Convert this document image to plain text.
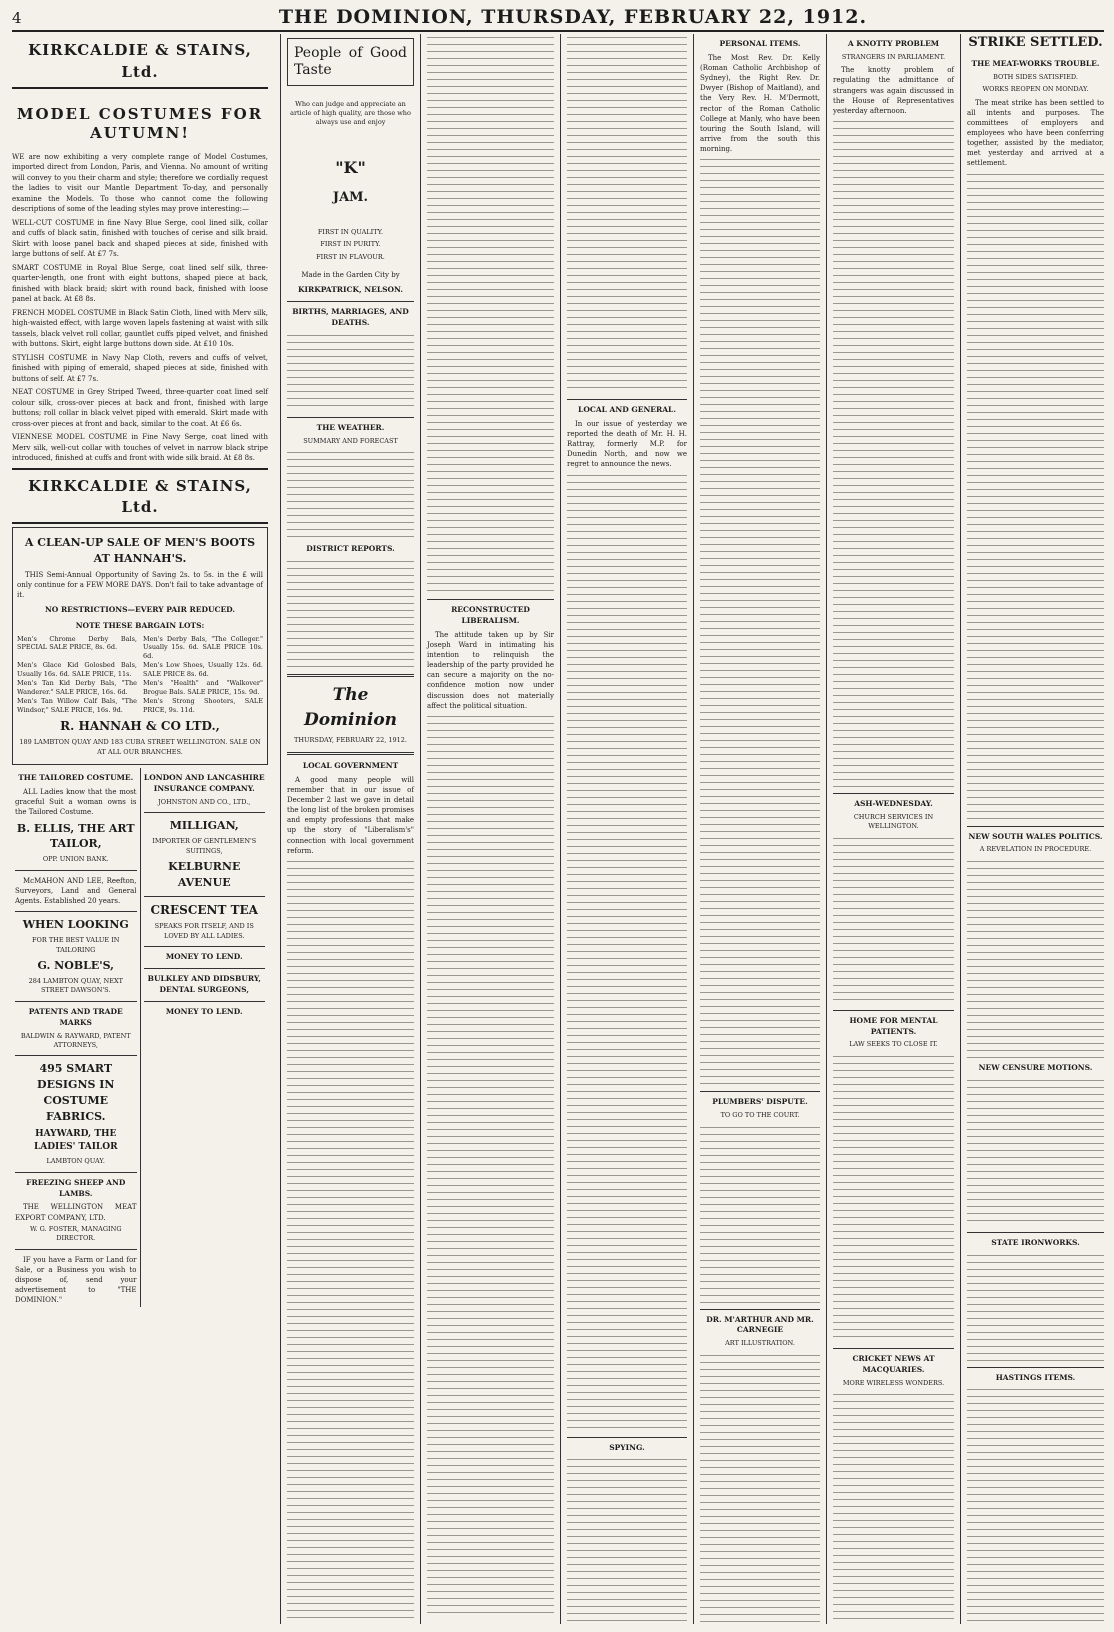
4	THE DOMINION, THURSDAY, FEBRUARY 22, 1912.
KIRKCALDIE & STAINS, Ltd.
MODEL COSTUMES FOR AUTUMN!

WE are now exhibiting a very complete range of Model Costumes, imported direct from London, Paris, and Vienna. No amount of writing will convey to you their charm and style; therefore we cordially request the ladies to visit our Mantle Department To-day, and personally examine the Models. To those who cannot come the following descriptions of some of the leading styles may prove interesting:—

WELL-CUT COSTUME in fine Navy Blue Serge, cool lined silk, collar and cuffs of black satin, finished with touches of cerise and silk braid. Skirt with loose panel back and shaped pieces at side, finished with large buttons of self. At £7 7s.

SMART COSTUME in Royal Blue Serge, coat lined self silk, three-quarter-length, one front with eight buttons, shaped piece at back, finished with black braid; skirt with round back, finished with loose panel at back. At £8 8s.

FRENCH MODEL COSTUME in Black Satin Cloth, lined with Merv silk, high-waisted effect, with large woven lapels fastening at waist with silk tassels, black velvet roll collar, gauntlet cuffs piped velvet, and finished with buttons. Skirt, eight large buttons down side. At £10 10s.

STYLISH COSTUME in Navy Nap Cloth, revers and cuffs of velvet, finished with piping of emerald, shaped pieces at side, finished with buttons of self. At £7 7s.

NEAT COSTUME in Grey Striped Tweed, three-quarter coat lined self colour silk, cross-over pieces at back and front, finished with large buttons; roll collar in black velvet piped with emerald. Skirt made with cross-over pieces at front and back, similar to the coat. At £6 6s.

VIENNESE MODEL COSTUME in Fine Navy Serge, coat lined with Merv silk, well-cut collar with touches of velvet in narrow black stripe introduced, finished at cuffs and front with wide silk braid. At £8 8s.

KIRKCALDIE & STAINS, Ltd.
A CLEAN-UP SALE OF MEN'S BOOTS AT HANNAH'S.

THIS Semi-Annual Opportunity of Saving 2s. to 5s. in the £ will only continue for a FEW MORE DAYS. Don't fail to take advantage of it.

NO RESTRICTIONS—EVERY PAIR REDUCED.
NOTE THESE BARGAIN LOTS:
Men's Chrome Derby Bals, SPECIAL SALE PRICE, 8s. 6d.
Men's Derby Bals, "The Colleger." Usually 15s. 6d. SALE PRICE 10s. 6d.
Men's Glace Kid Golosbed Bals, Usually 16s. 6d. SALE PRICE, 11s.
Men's Low Shoes, Usually 12s. 6d. SALE PRICE 8s. 6d.
Men's Tan Kid Derby Bals, "The Wanderer." SALE PRICE, 16s. 6d.
Men's "Health" and "Walkover" Brogue Bals. SALE PRICE, 15s. 9d.
Men's Tan Willow Calf Bals, "The Windsor," SALE PRICE, 16s. 9d.
Men's Strong Shooters, SALE PRICE, 9s. 11d.
R. HANNAH & CO LTD.,
189 LAMBTON QUAY AND 183 CUBA STREET WELLINGTON. SALE ON AT ALL OUR BRANCHES.
THE TAILORED COSTUME.

ALL Ladies know that the most graceful Suit a woman owns is the Tailored Costume.

B. ELLIS, THE ART TAILOR,
OPP. UNION BANK.

McMAHON AND LEE, Reefton, Surveyors, Land and General Agents. Established 20 years.

WHEN LOOKING
FOR THE BEST VALUE IN TAILORING
G. NOBLE'S,
284 LAMBTON QUAY, NEXT STREET DAWSON'S.
PATENTS AND TRADE MARKS
BALDWIN & RAYWARD, PATENT ATTORNEYS,
495 SMART DESIGNS IN COSTUME FABRICS.
HAYWARD, THE LADIES' TAILOR
LAMBTON QUAY.
FREEZING SHEEP AND LAMBS.

THE WELLINGTON MEAT EXPORT COMPANY, LTD.

W. G. FOSTER, MANAGING DIRECTOR.

IF you have a Farm or Land for Sale, or a Business you wish to dispose of, send your advertisement to "THE DOMINION."

LONDON AND LANCASHIRE INSURANCE COMPANY.
JOHNSTON AND CO., LTD.,
MILLIGAN,
IMPORTER OF GENTLEMEN'S SUITINGS,
KELBURNE AVENUE
CRESCENT TEA
SPEAKS FOR ITSELF, AND IS LOVED BY ALL LADIES.
MONEY TO LEND.
BULKLEY AND DIDSBURY, DENTAL SURGEONS,
MONEY TO LEND.
People of Good Taste
Who can judge and appreciate an article of high quality, are those who always use and enjoy
"K"
JAM.
FIRST IN QUALITY.
FIRST IN PURITY.
FIRST IN FLAVOUR.
Made in the Garden City by
KIRKPATRICK, NELSON.
BIRTHS, MARRIAGES, AND DEATHS.
THE WEATHER.
SUMMARY AND FORECAST
DISTRICT REPORTS.
The Dominion
THURSDAY, FEBRUARY 22, 1912.
LOCAL GOVERNMENT

A good many people will remember that in our issue of December 2 last we gave in detail the long list of the broken promises and empty professions that make up the story of "Liberalism's" connection with local government reform.

RECONSTRUCTED LIBERALISM.

The attitude taken up by Sir Joseph Ward in intimating his intention to relinquish the leadership of the party provided he can secure a majority on the no-confidence motion now under discussion does not materially affect the political situation.

LOCAL AND GENERAL.

In our issue of yesterday we reported the death of Mr. H. H. Rattray, formerly M.P. for Dunedin North, and now we regret to announce the news.

SPYING.
PERSONAL ITEMS.

The Most Rev. Dr. Kelly (Roman Catholic Archbishop of Sydney), the Right Rev. Dr. Dwyer (Bishop of Maitland), and the Very Rev. H. M'Dermott, rector of the Roman Catholic College at Manly, who have been touring the South Island, will arrive from the south this morning.

PLUMBERS' DISPUTE.
TO GO TO THE COURT.
DR. M'ARTHUR AND MR. CARNEGIE
ART ILLUSTRATION.
A KNOTTY PROBLEM
STRANGERS IN PARLIAMENT.

The knotty problem of regulating the admittance of strangers was again discussed in the House of Representatives yesterday afternoon.

ASH-WEDNESDAY.
CHURCH SERVICES IN WELLINGTON.
HOME FOR MENTAL PATIENTS.
LAW SEEKS TO CLOSE IT.
CRICKET NEWS AT MACQUARIES.
MORE WIRELESS WONDERS.
STRIKE SETTLED.
THE MEAT-WORKS TROUBLE.
BOTH SIDES SATISFIED.
WORKS REOPEN ON MONDAY.

The meat strike has been settled to all intents and purposes. The committees of employers and employees who have been conferring together, assisted by the mediator, met yesterday and arrived at a settlement.

NEW SOUTH WALES POLITICS.
A REVELATION IN PROCEDURE.
NEW CENSURE MOTIONS.
STATE IRONWORKS.
HASTINGS ITEMS.
